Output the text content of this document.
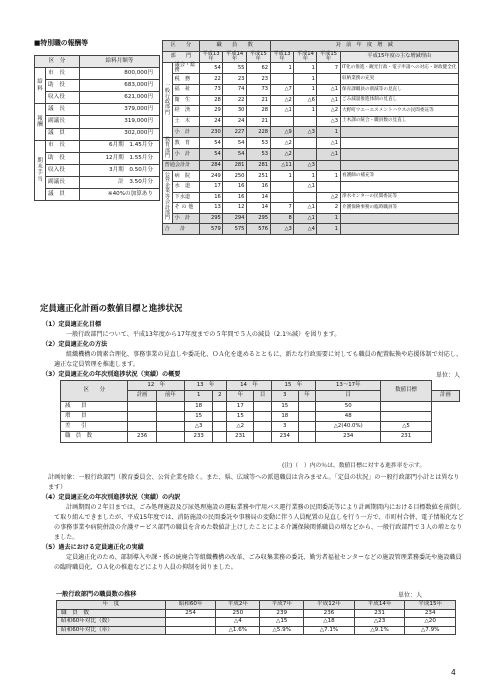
■特別職の報酬等
区　分		給料月額等
給料	市　長	800,000円
	助　役	683,000円
	収入役	621,000円
報酬	議　長	379,000円
	副議長	319,000円
	議　員	302,000円
期末手当	市　長	6月期　1.45月分
	助　役	12月期　1.55月分
	収入役	3月期　0.50月分
	副議長	計　3.50月分
	議　員	※40%の加算あり
区　　分		職　　員　　数			対　前　年　度　増　減			
部　　門		平成13年	平成14年	平成15年	平成13年	平成14年	平成15年	平成15年度の主な増減理由
一般行政部門	議会・総務	54	55	62	1	1	7	IT化の推進・観光行政・電子申請への対応・財政健全化
	税　務	22	23	23		1		収納業務の充実
	福　祉	73	74	73	△7	1	△1	保育課職員の削減等の見直し
	衛　生	28	22	21	△2	△6	△1	ごみ減量推進体制の見直し
	経　済	29	30	28	△1	1	△2	大野町ウエーエスメントハウスの民間委託等
	土　木	24	24	21			△3	土木課の統合・職員数の見直し
	小　計	230	227	228	△9	△3	1	
教育部門	教　育	54	54	53	△2		△1	
	小　計	54	54	53	△2		△1	
普通会計計		284	281	281	△11	△3		
公営企業等会計部門	病　院	249	250	251	1	1	1	看護師の補充等
	水　道	17	16	16		△1		
	下水道	16	16	14			△2	浄水センターの民間委託等
	そ の 他	13	12	14	7	△1	2	介護保険事務の臨時職員等
	小　計	295	294	295	8	△1	1	
合　　計		579	575	576	△3	△4	1	
定員適正化計画の数値目標と進捗状況
（1）定員適正化目標
一般行政部門について、平成13年度から17年度までの５年間で５人の減員（2.1％減）を図ります。
（2）定員適正化の方法
組織機構の簡素合理化、事務事業の見直しや委託化、ＯＡ化を進めるとともに、新たな行政需要に対しても職員の配置転換や応援体制で対応し、適正な定員管理を推進します。
（3）定員適正化の年次別進捗状況（実績）の概要	単位：人
区　　分	12　年		13　年		14　年		15　年		13〜17年	数値目標	
	計画	前年	1	2	年	目	3	年	目		計画
減　　員			18		17		15		50		
増　　員			15		15		18		48		
差　　引			△3		△2		3		△2(40.0%)	△5	
職　員　数	236		233		231		234		234	231	
(注)（　）内の％は、数値目標に対する進捗率を示す。
計画対象：一般行政部門（教育委員会、公営企業を除く。また、県、広域等への派遣職員は含みません。「定員の状況」の一般行政部門小計とは異なります）
（4）定員適正化の年次別進捗状況（実績）の内訳
計画期間の２年目までは、ごみ処理施設及び尿処理施設の運転業務や庁用バス運行業務の民間委託等により計画期間内における目標数値を前倒して取り組んできましたが、平成15年度では、消防施設の民間委託や事務局の変動に伴う人員配置の見直しを行う一方で、市町村合併、電子情報化などの事務事業や病院併設の介護サービス部門の職員を含めた数値計上けしたことによる介護保険関係職員の増などから、一般行政部門で３人の増となりました。
（5）過去における定員適正化の実績
定員適正化のため、部制導入や課・係の統廃合等組織機構の改革、ごみ収集業務の委託、勤労者福祉センターなどの施設管理業務委託や施設職員の臨時職員化、ＯＡ化の推進などにより人員の抑制を図りました。
一般行政部門の職員数の推移	単位：人
年　度	昭和60年	平成2年	平成7年	平成12年	平成14年	平成15年
職　員　数	254	250	239	236	231	234
昭和60年対比（数）		△4	△15	△18	△23	△20
昭和60年対比（率）		△1.6%	△5.9%	△7.1%	△9.1%	△7.9%
4
